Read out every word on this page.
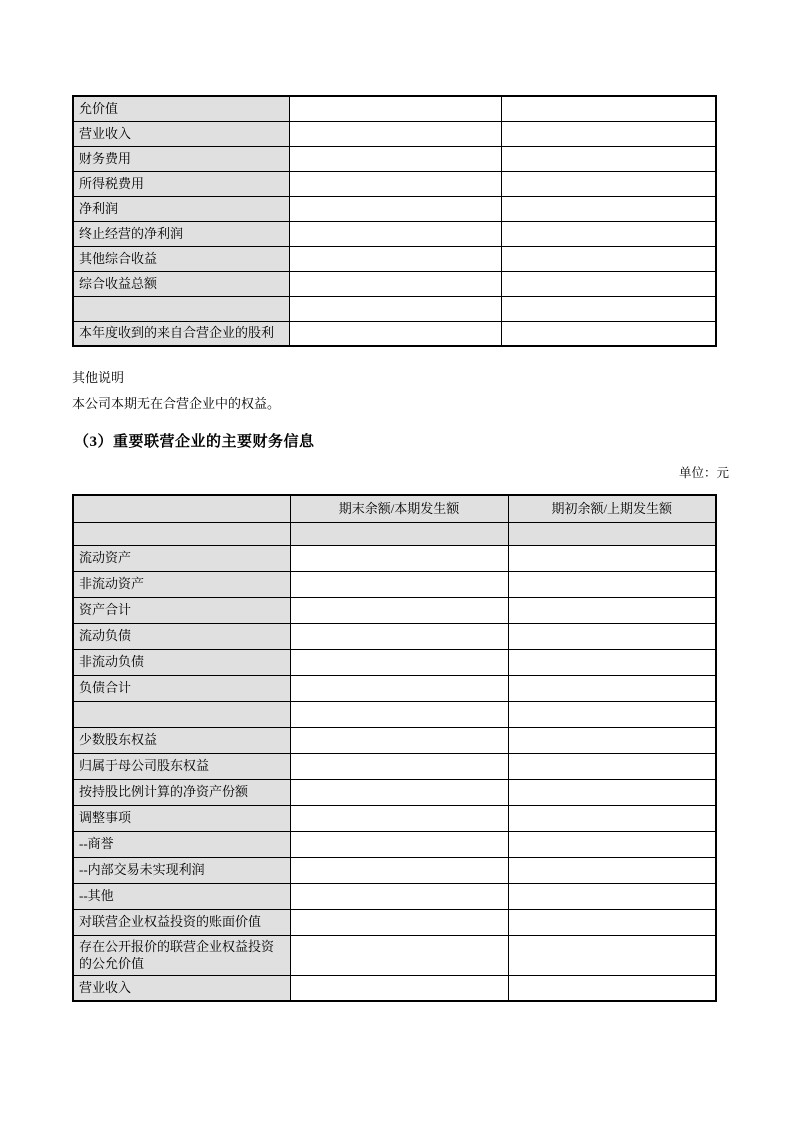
允价值		
营业收入		
财务费用		
所得税费用		
净利润		
终止经营的净利润		
其他综合收益		
综合收益总额		

本年度收到的来自合营企业的股利		
其他说明
本公司本期无在合营企业中的权益。
（3）重要联营企业的主要财务信息
单位：元
	期末余额/本期发生额	期初余额/上期发生额

流动资产		
非流动资产		
资产合计		
流动负债		
非流动负债		
负债合计		

少数股东权益		
归属于母公司股东权益		
按持股比例计算的净资产份额		
调整事项		
--商誉		
--内部交易未实现利润		
--其他		
对联营企业权益投资的账面价值		
存在公开报价的联营企业权益投资的公允价值		
营业收入		
